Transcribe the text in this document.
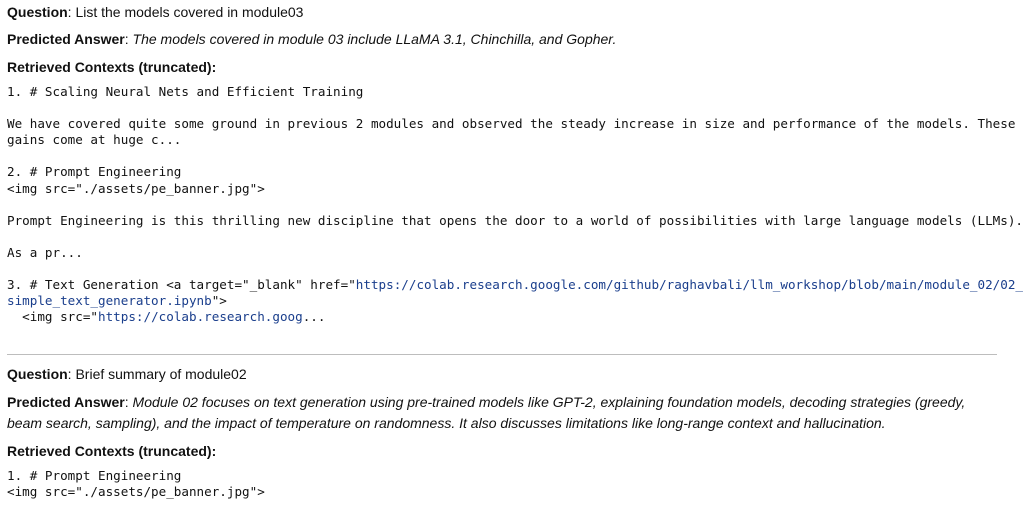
Question: List the models covered in module03
Predicted Answer: The models covered in module 03 include LLaMA 3.1, Chinchilla, and Gopher.
Retrieved Contexts (truncated):
1. # Scaling Neural Nets and Efficient Training

We have covered quite some ground in previous 2 modules and observed the steady increase in size and performance of the models. These gains come at huge c...

2. # Prompt Engineering
<img src="./assets/pe_banner.jpg">

Prompt Engineering is this thrilling new discipline that opens the door to a world of possibilities with large language models (LLMs).

As a pr...

3. # Text Generation <a target="_blank" href="https://colab.research.google.com/github/raghavbali/llm_workshop/blob/main/module_02/02_simple_text_generator.ipynb">
<img src="https://colab.research.goog...
Question: Brief summary of module02
Predicted Answer: Module 02 focuses on text generation using pre-trained models like GPT-2, explaining foundation models, decoding strategies (greedy, beam search, sampling), and the impact of temperature on randomness. It also discusses limitations like long-range context and hallucination.
Retrieved Contexts (truncated):
1. # Prompt Engineering
<img src="./assets/pe_banner.jpg">
